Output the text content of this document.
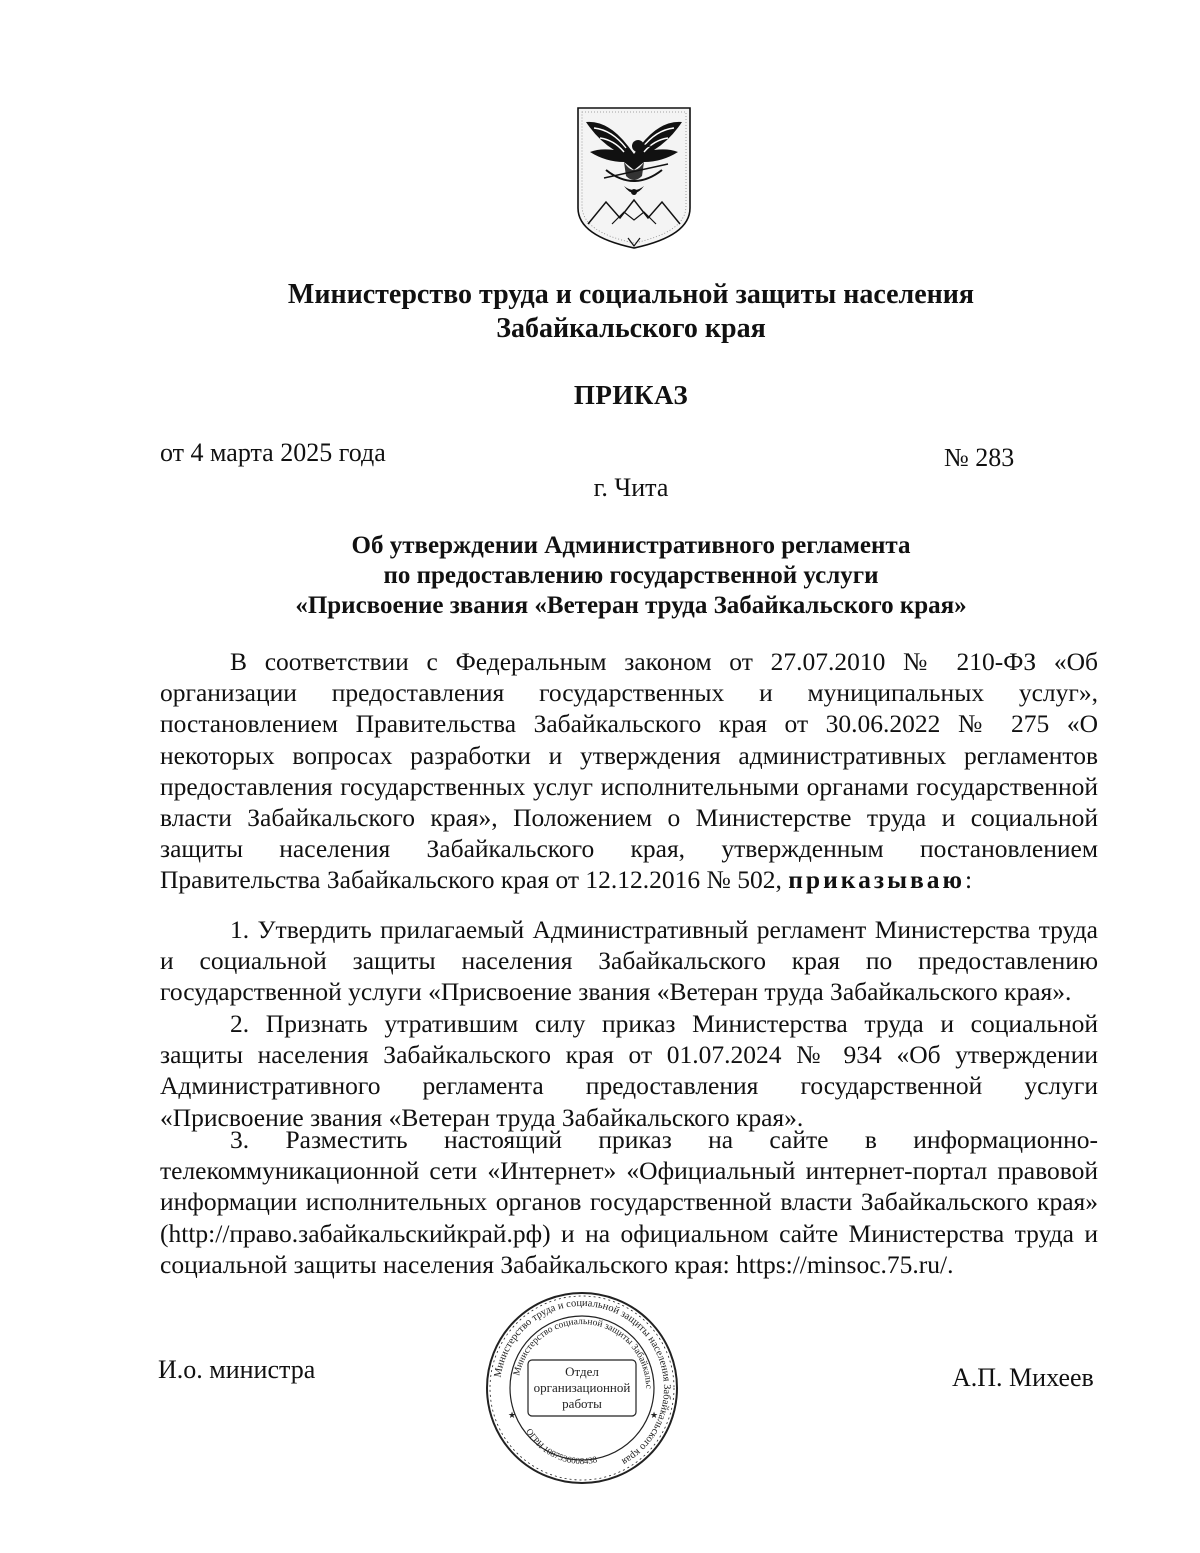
Министерство труда и социальной защиты населения
Забайкальского края
ПРИКАЗ
от 4 марта 2025 года	№ 283
г. Чита
Об утверждении Административного регламента
по предоставлению государственной услуги
«Присвоение звания «Ветеран труда Забайкальского края»

В соответствии с Федеральным законом от 27.07.2010 № 210-ФЗ «Об организации предоставления государственных и муниципальных услуг», постановлением Правительства Забайкальского края от 30.06.2022 № 275 «О некоторых вопросах разработки и утверждения административных регламентов предоставления государственных услуг исполнительными органами государственной власти Забайкальского края», Положением о Министерстве труда и социальной защиты населения Забайкальского края, утвержденным постановлением Правительства Забайкальского края от 12.12.2016 № 502, приказываю:

1. Утвердить прилагаемый Административный регламент Министерства труда и социальной защиты населения Забайкальского края по предоставлению государственной услуги «Присвоение звания «Ветеран труда Забайкальского края».

2. Признать утратившим силу приказ Министерства труда и социальной защиты населения Забайкальского края от 01.07.2024 № 934 «Об утверждении Административного регламента предоставления государственной услуги «Присвоение звания «Ветеран труда Забайкальского края».

3. Разместить настоящий приказ на сайте в информационно-телекоммуникационной сети «Интернет» «Официальный интернет-портал правовой информации исполнительных органов государственной власти Забайкальского края» (http://право.забайкальскийкрай.рф) и на официальном сайте Министерства труда и социальной защиты населения Забайкальского края: https://minsoc.75.ru/.

И.о. министра	А.П. Михеев
Министерство труда и социальной защиты населения Забайкальского края
Министерство социальной защиты Забайкальс
ОГРН 1087536008438
Отдел
организационной
работы
★	★
